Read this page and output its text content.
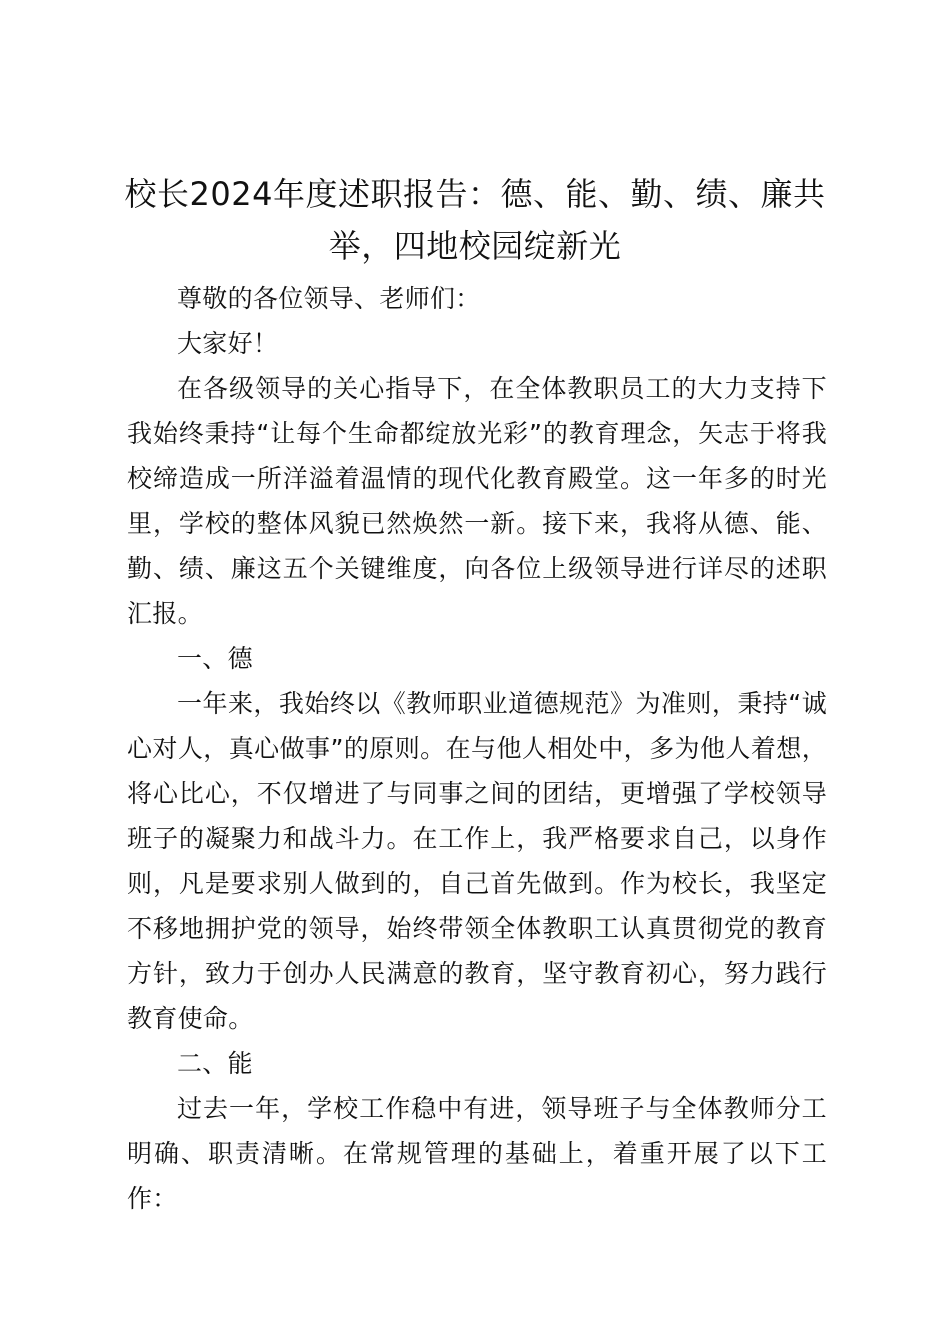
校长2024年度述职报告：德、能、勤、绩、廉共举，四地校园绽新光

尊敬的各位领导、老师们：

大家好！

在各级领导的关心指导下，在全体教职员工的大力支持下我始终秉持“让每个生命都绽放光彩”的教育理念，矢志于将我校缔造成一所洋溢着温情的现代化教育殿堂。这一年多的时光里，学校的整体风貌已然焕然一新。接下来，我将从德、能、勤、绩、廉这五个关键维度，向各位上级领导进行详尽的述职汇报。

一、德

一年来，我始终以《教师职业道德规范》为准则，秉持“诚心对人，真心做事”的原则。在与他人相处中，多为他人着想，将心比心，不仅增进了与同事之间的团结，更增强了学校领导班子的凝聚力和战斗力。在工作上，我严格要求自己，以身作则，凡是要求别人做到的，自己首先做到。作为校长，我坚定不移地拥护党的领导，始终带领全体教职工认真贯彻党的教育方针，致力于创办人民满意的教育，坚守教育初心，努力践行教育使命。

二、能

过去一年，学校工作稳中有进，领导班子与全体教师分工明确、职责清晰。在常规管理的基础上，着重开展了以下工作：
